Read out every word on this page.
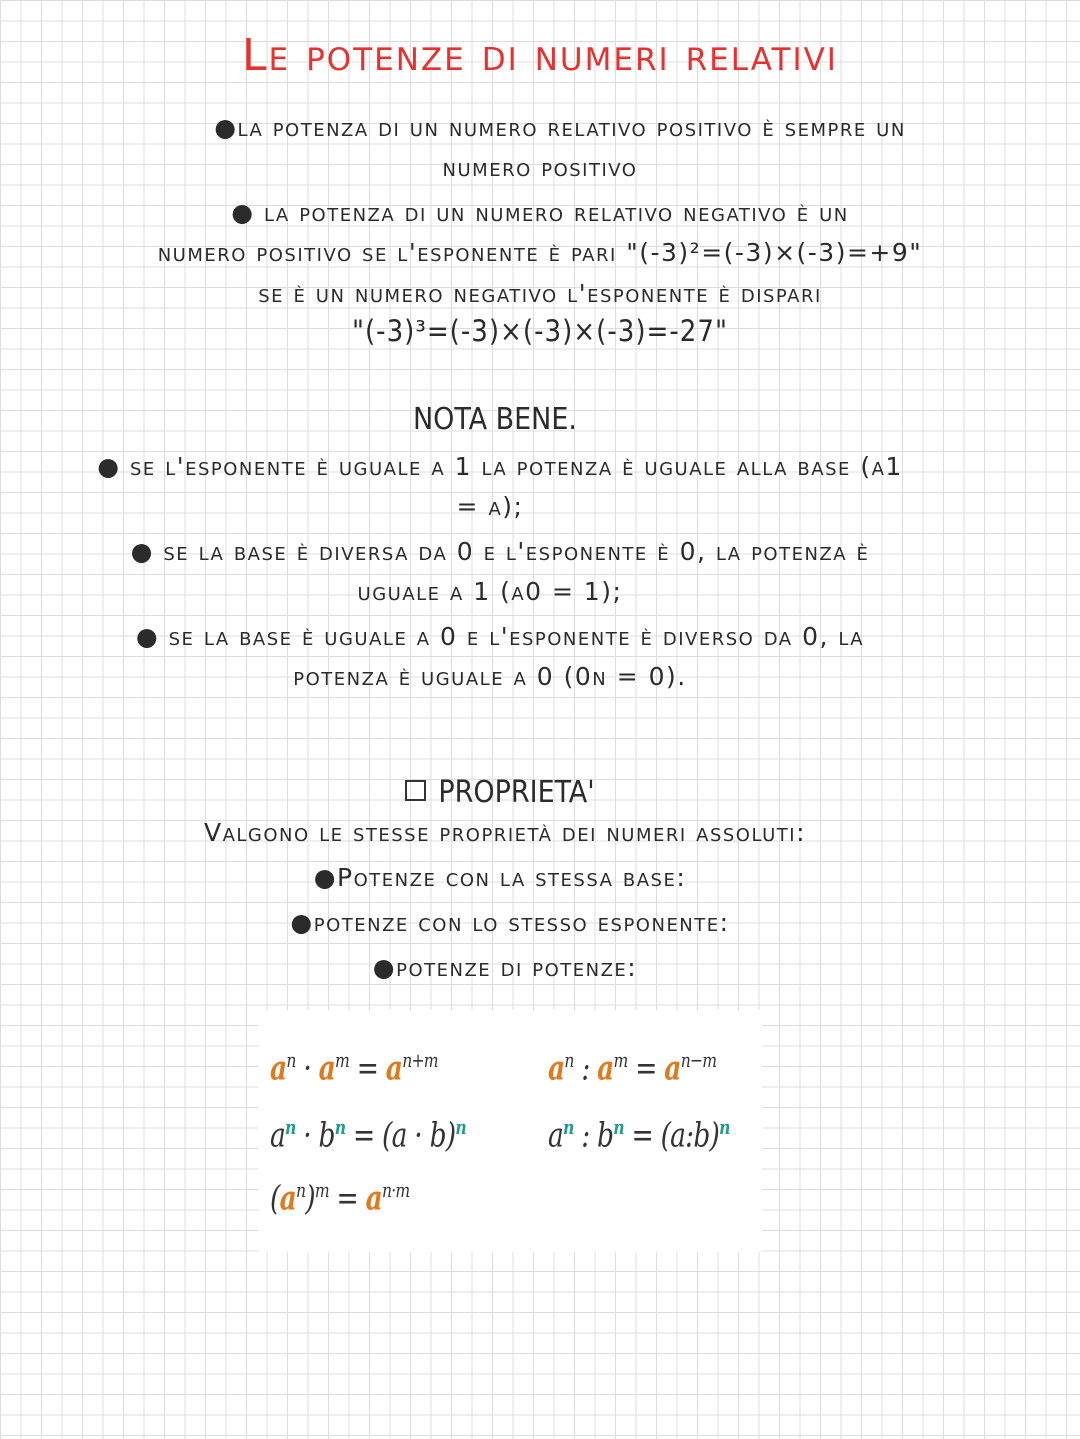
Le potenze di numeri relativi
●la potenza di un numero relativo positivo è sempre un
numero positivo
● la potenza di un numero relativo negativo è un
numero positivo se l'esponente è pari "(-3)²=(-3)×(-3)=+9"
se è un numero negativo l'esponente è dispari
"(-3)³=(-3)×(-3)×(-3)=-27"
NOTA BENE.
● se l'esponente è uguale a 1 la potenza è uguale alla base (a1
= a);
● se la base è diversa da 0 e l'esponente è 0, la potenza è
uguale a 1 (a0 = 1);
● se la base è uguale a 0 e l'esponente è diverso da 0, la
potenza è uguale a 0 (0n = 0).
PROPRIETA'
Valgono le stesse proprietà dei numeri assoluti:
●Potenze con la stessa base:
●potenze con lo stesso esponente:
●potenze di potenze:
$a^n \cdot a^m = a^{n+m}$	$a^n$ : $a^m = a^{n-m}$
$a^n \cdot b^n = (a \cdot b)^n$ $a^n$ : $b^n$ = (a:b)$^n$
$(a^n)^m = a^{n\cdot m}$
